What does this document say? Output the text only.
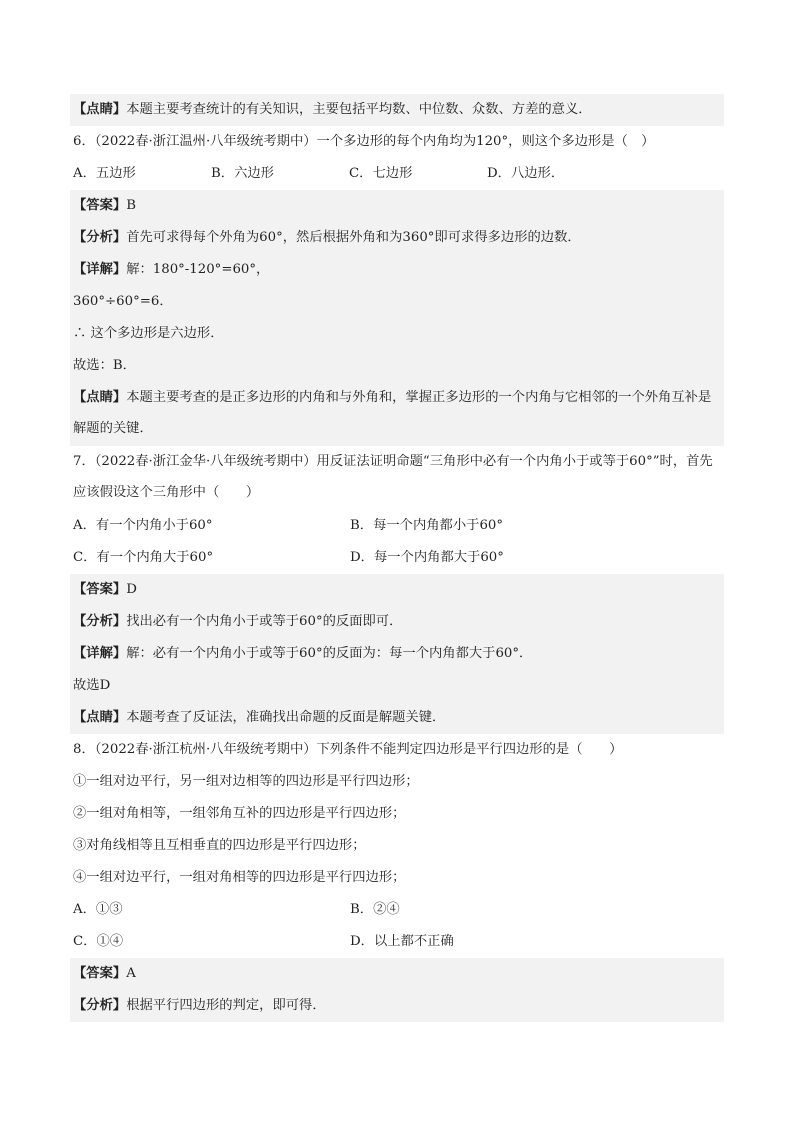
【点睛】本题主要考查统计的有关知识，主要包括平均数、中位数、众数、方差的意义．
6．（2022春·浙江温州·八年级统考期中）一个多边形的每个内角均为120°，则这个多边形是（　）
A．五边形	B．六边形	C．七边形	D．八边形．
【答案】B
【分析】首先可求得每个外角为60°，然后根据外角和为360°即可求得多边形的边数．
【详解】解：180°-120°=60°，
360°÷60°=6．
∴ 这个多边形是六边形．
故选：B．
【点睛】本题主要考查的是正多边形的内角和与外角和，掌握正多边形的一个内角与它相邻的一个外角互补是解题的关键．
7．（2022春·浙江金华·八年级统考期中）用反证法证明命题“三角形中必有一个内角小于或等于60°”时，首先应该假设这个三角形中（　　）
A．有一个内角小于60°	B．每一个内角都小于60°
C．有一个内角大于60°	D．每一个内角都大于60°
【答案】D
【分析】找出必有一个内角小于或等于60°的反面即可．
【详解】解：必有一个内角小于或等于60°的反面为：每一个内角都大于60°．
故选D
【点睛】本题考查了反证法，准确找出命题的反面是解题关键．
8．（2022春·浙江杭州·八年级统考期中）下列条件不能判定四边形是平行四边形的是（　　）
①一组对边平行，另一组对边相等的四边形是平行四边形；
②一组对角相等，一组邻角互补的四边形是平行四边形；
③对角线相等且互相垂直的四边形是平行四边形；
④一组对边平行，一组对角相等的四边形是平行四边形；
A．①③	B．②④
C．①④	D．以上都不正确
【答案】A
【分析】根据平行四边形的判定，即可得．
